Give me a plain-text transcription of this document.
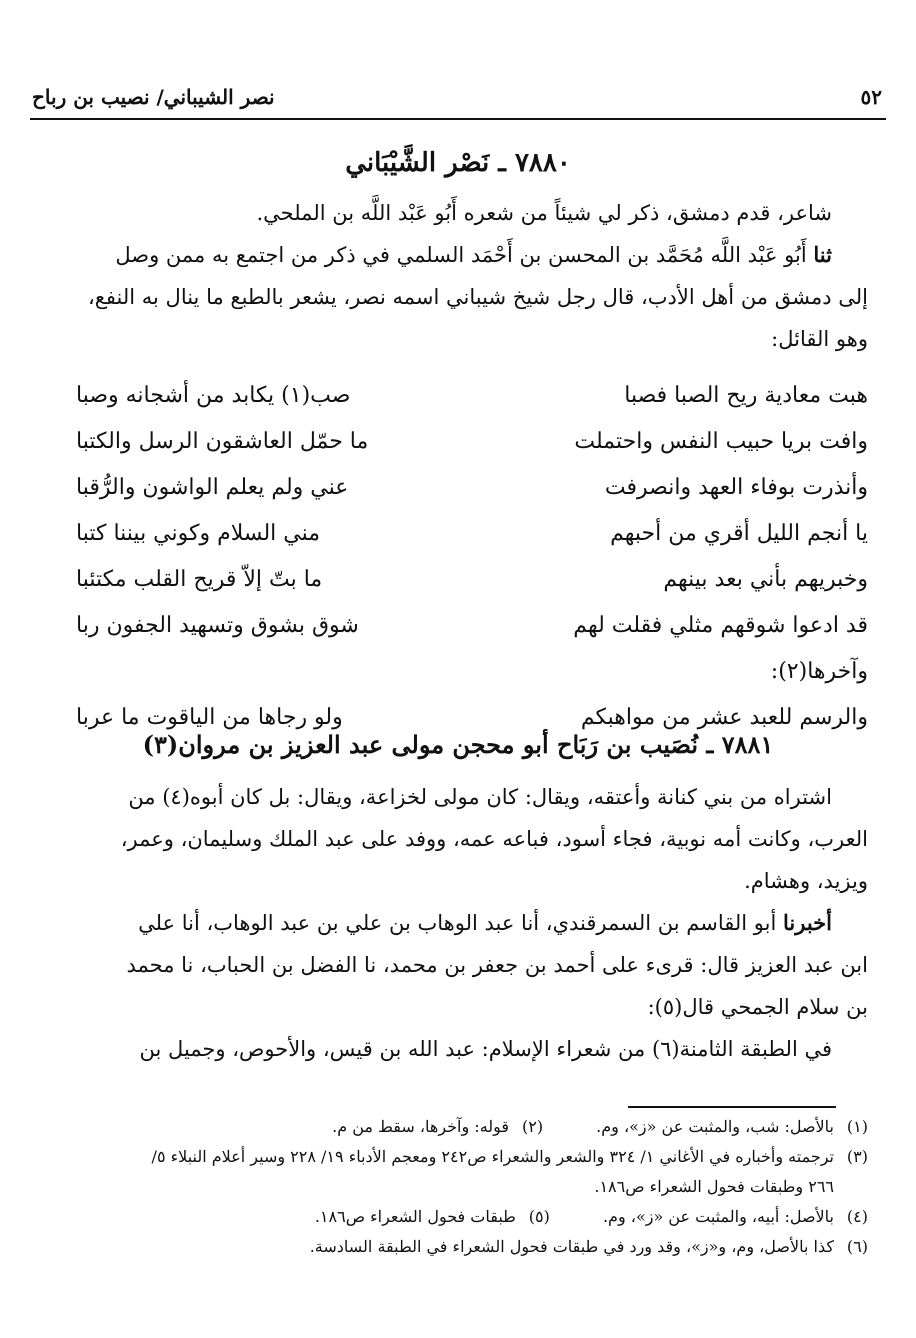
٥٢
نصر الشيباني/ نصيب بن رباح
٧٨٨٠ ـ نَصْر الشَّيْبَاني
شاعر، قدم دمشق، ذكر لي شيئاً من شعره أَبُو عَبْد اللَّه بن الملحي.
ثنا أَبُو عَبْد اللَّه مُحَمَّد بن المحسن بن أَحْمَد السلمي في ذكر من اجتمع به ممن وصل
إلى دمشق من أهل الأدب، قال رجل شيخ شيباني اسمه نصر، يشعر بالطبع ما ينال به النفع،
وهو القائل:
هبت معادية ريح الصبا فصبا
صب(١) يكابد من أشجانه وصبا
وافت بريا حبيب النفس واحتملت
ما حمّل العاشقون الرسل والكتبا
وأنذرت بوفاء العهد وانصرفت
عني ولم يعلم الواشون والرُّقبا
يا أنجم الليل أقري من أحبهم
مني السلام وكوني بيننا كتبا
وخبريهم بأني بعد بينهم
ما بتّ إلاّ قريح القلب مكتئبا
قد ادعوا شوقهم مثلي فقلت لهم
شوق بشوق وتسهيد الجفون ربا
وآخرها(٢):
والرسم للعبد عشر من مواهبكم
ولو رجاها من الياقوت ما عربا
٧٨٨١ ـ نُصَيب بن رَبَاح أبو محجن مولى عبد العزيز بن مروان(٣)
اشتراه من بني كنانة وأعتقه، ويقال: كان مولى لخزاعة، ويقال: بل كان أبوه(٤) من
العرب، وكانت أمه نوبية، فجاء أسود، فباعه عمه، ووفد على عبد الملك وسليمان، وعمر،
ويزيد، وهشام.
أخبرنا أبو القاسم بن السمرقندي، أنا عبد الوهاب بن علي بن عبد الوهاب، أنا علي
ابن عبد العزيز قال: قرىء على أحمد بن جعفر بن محمد، نا الفضل بن الحباب، نا محمد
بن سلام الجمحي قال(٥):
في الطبقة الثامنة(٦) من شعراء الإسلام: عبد الله بن قيس، والأحوص، وجميل بن
(١)بالأصل: شب، والمثبت عن «ز»، وم. (٢)قوله: وآخرها، سقط من م.
(٣)ترجمته وأخباره في الأغاني ١/ ٣٢٤ والشعر والشعراء ص٢٤٢ ومعجم الأدباء ١٩/ ٢٢٨ وسير أعلام النبلاء ٥/
٢٦٦ وطبقات فحول الشعراء ص١٨٦.
(٤)بالأصل: أبيه، والمثبت عن «ز»، وم. (٥)طبقات فحول الشعراء ص١٨٦.
(٦)كذا بالأصل، وم، و«ز»، وقد ورد في طبقات فحول الشعراء في الطبقة السادسة.
